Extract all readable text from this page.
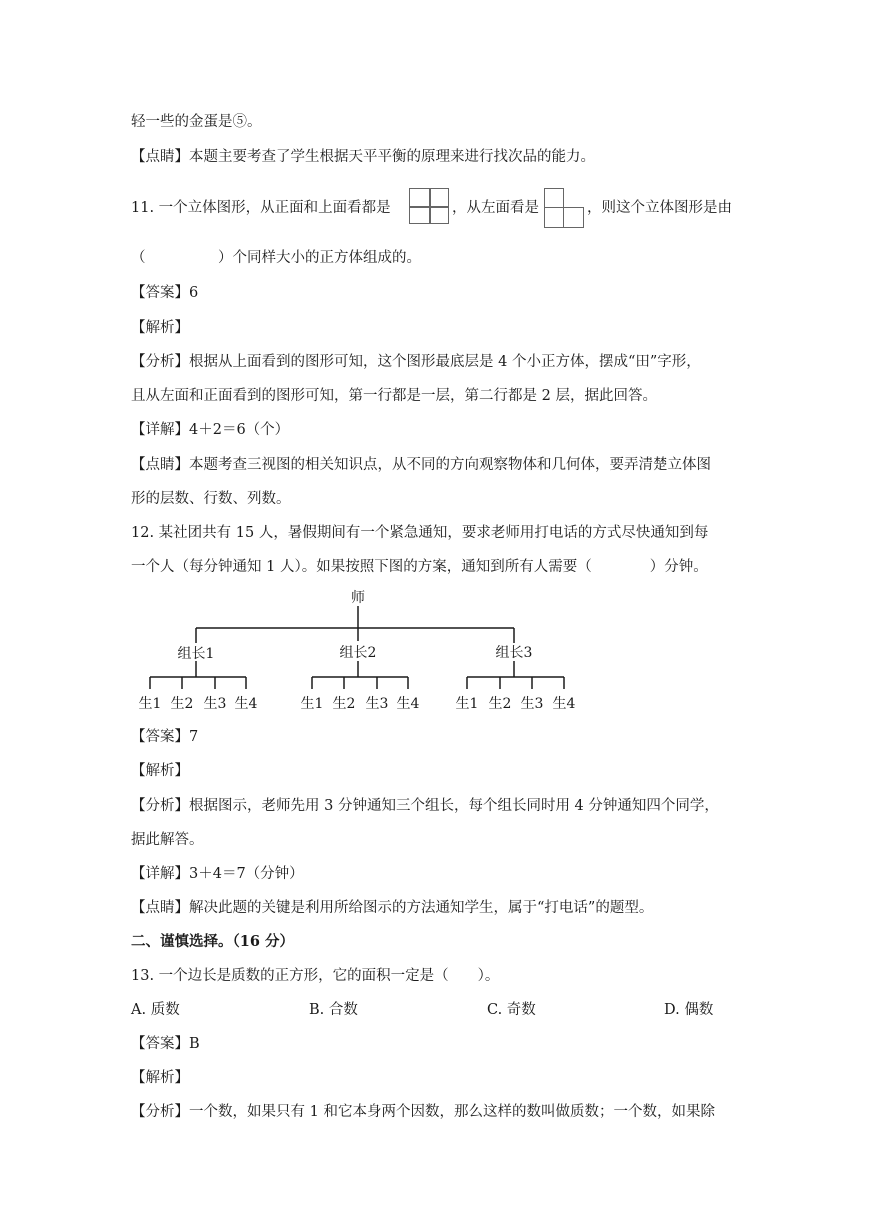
轻一些的金蛋是⑤。
【点睛】本题主要考查了学生根据天平平衡的原理来进行找次品的能力。
11. 一个立体图形，从正面和上面看都是	，从左面看是	，则这个立体图形是由
（　　　　　）个同样大小的正方体组成的。
【答案】6
【解析】
【分析】根据从上面看到的图形可知，这个图形最底层是 4 个小正方体，摆成“田”字形，
且从左面和正面看到的图形可知，第一行都是一层，第二行都是 2 层，据此回答。
【详解】4＋2＝6（个）
【点睛】本题考查三视图的相关知识点，从不同的方向观察物体和几何体，要弄清楚立体图
形的层数、行数、列数。
12. 某社团共有 15 人，暑假期间有一个紧急通知，要求老师用打电话的方式尽快通知到每
一个人（每分钟通知 1 人）。如果按照下图的方案，通知到所有人需要（　　　　）分钟。
师
组长1	组长2	组长3
生1 生2 生3 生4	生1 生2 生3 生4	生1 生2 生3 生4
【答案】7
【解析】
【分析】根据图示，老师先用 3 分钟通知三个组长，每个组长同时用 4 分钟通知四个同学，
据此解答。
【详解】3＋4＝7（分钟）
【点睛】解决此题的关键是利用所给图示的方法通知学生，属于“打电话”的题型。
二、谨慎选择。（16 分）
13. 一个边长是质数的正方形，它的面积一定是（　　）。
A. 质数	B. 合数	C. 奇数	D. 偶数
【答案】B
【解析】
【分析】一个数，如果只有 1 和它本身两个因数，那么这样的数叫做质数；一个数，如果除
